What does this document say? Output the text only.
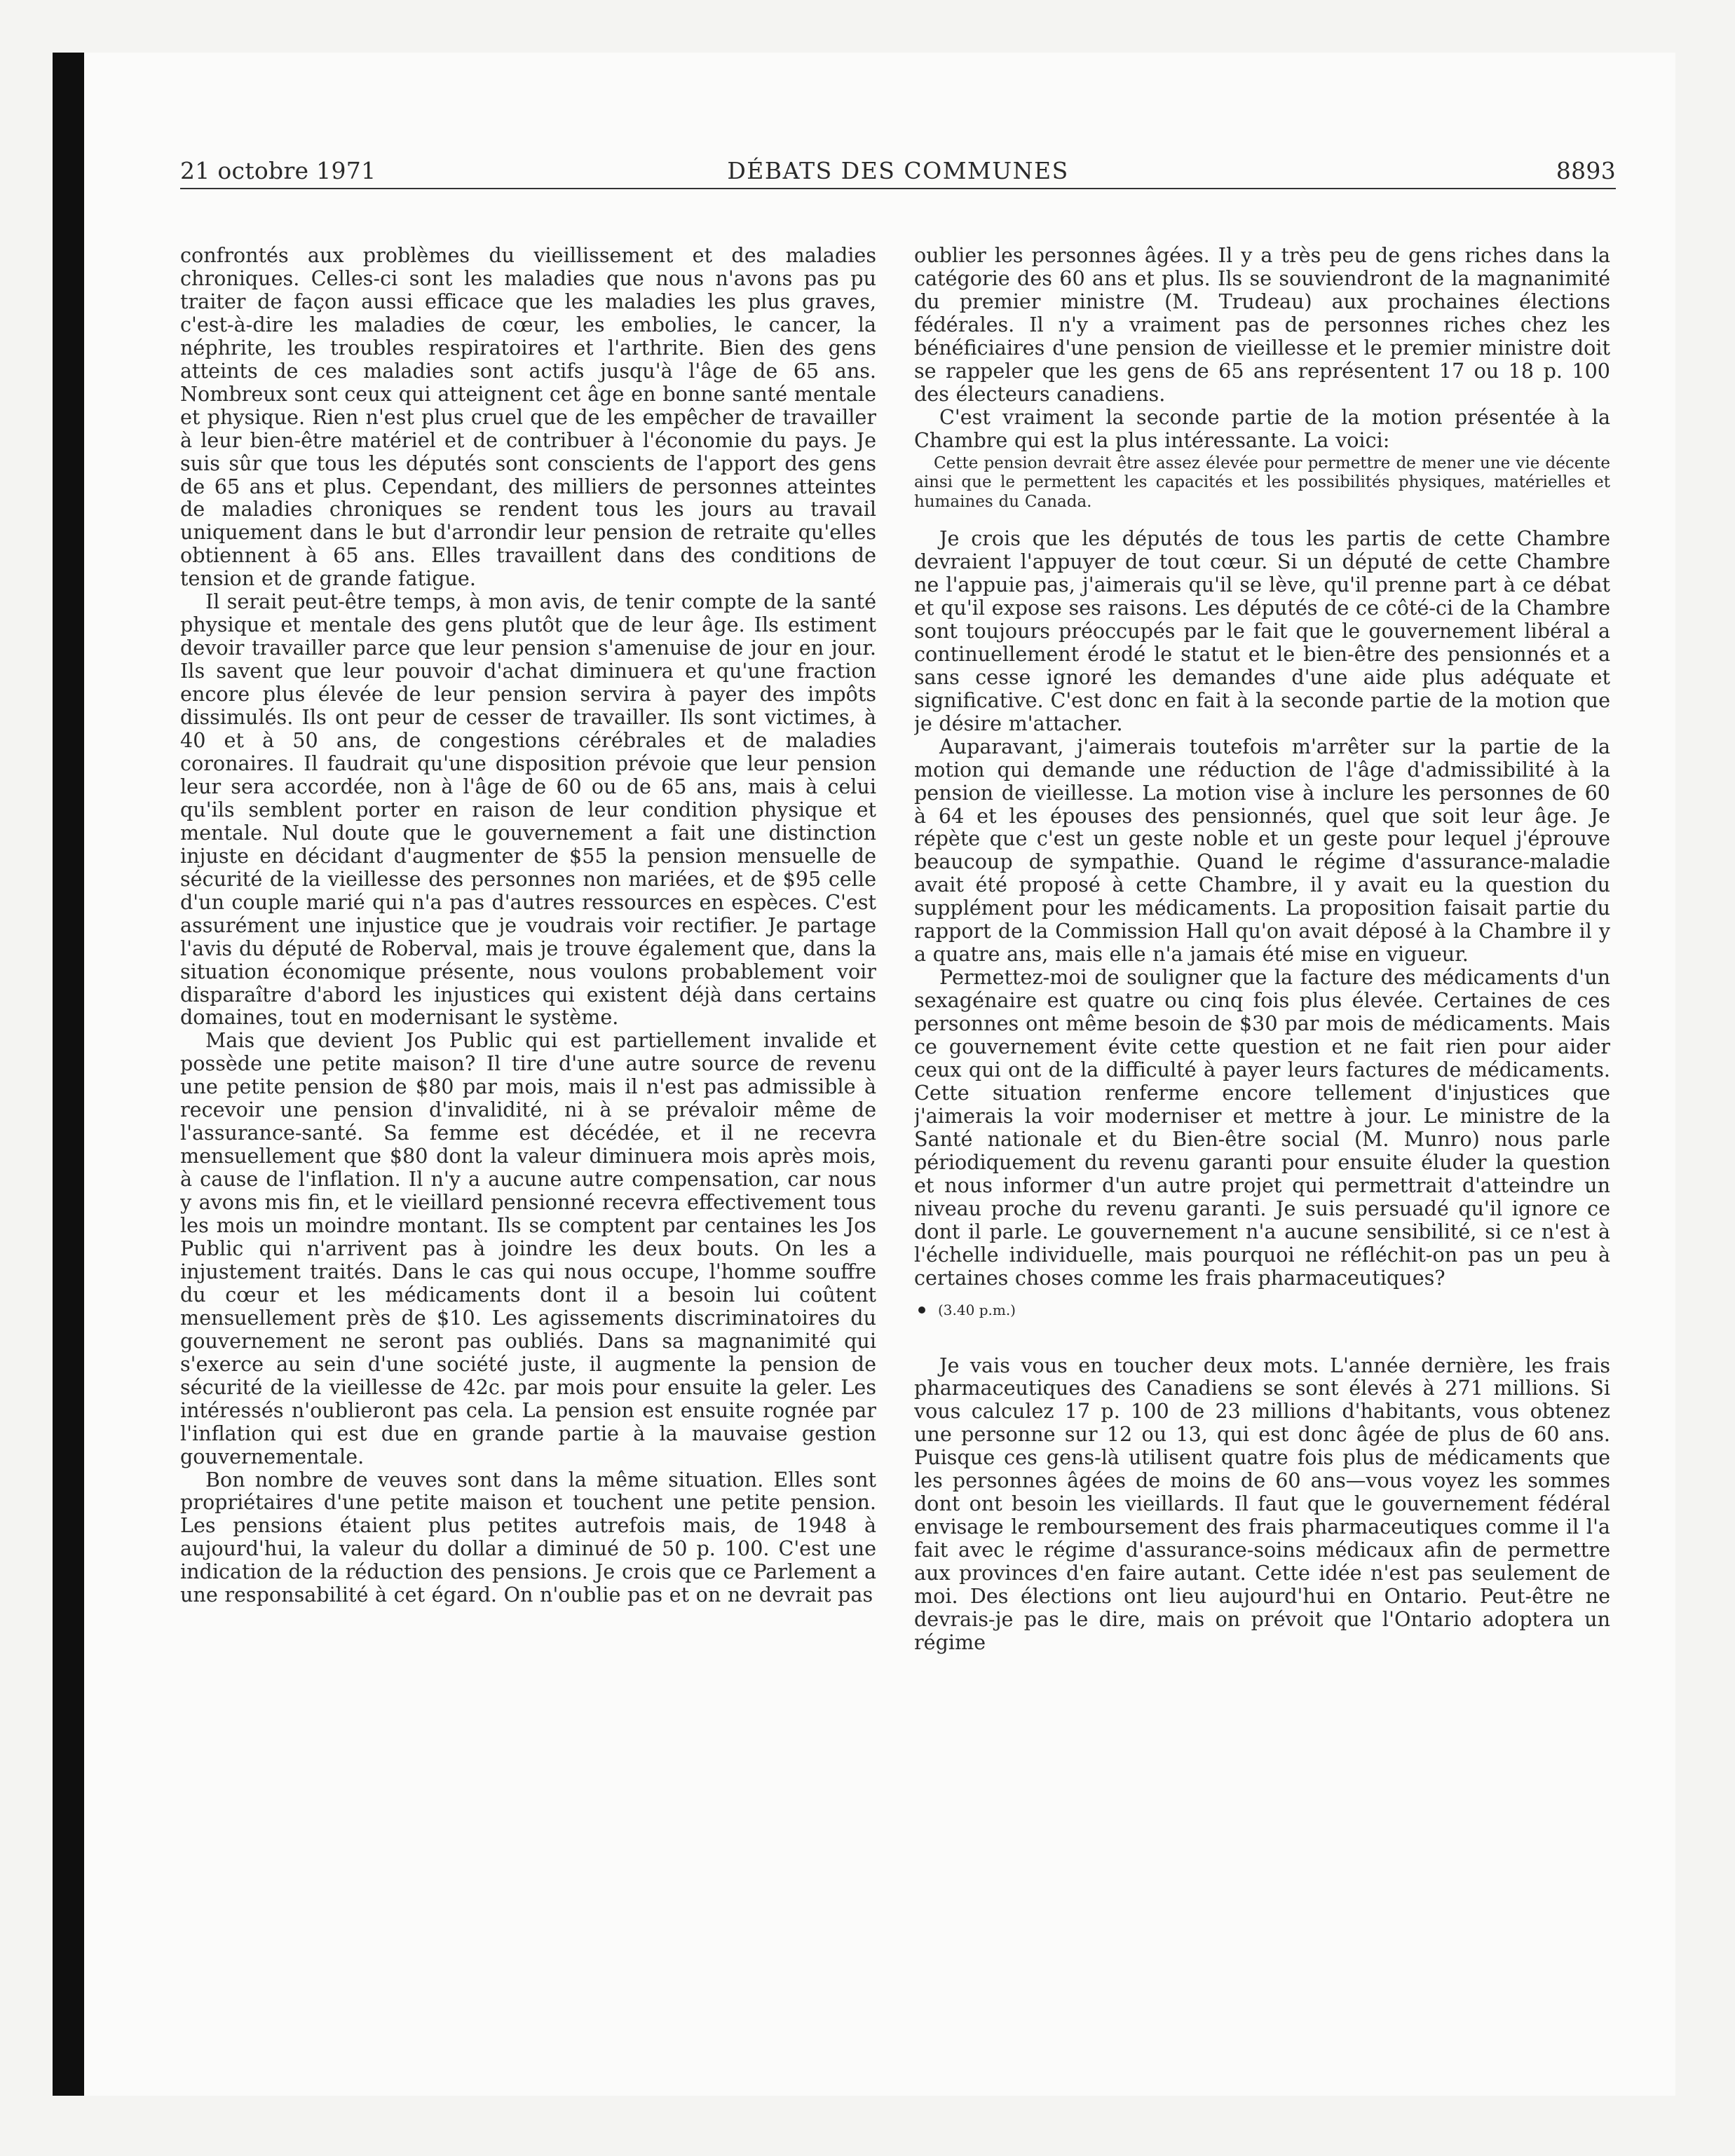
21 octobre 1971	DÉBATS DES COMMUNES	8893

confrontés aux problèmes du vieillissement et des maladies chroniques. Celles-ci sont les maladies que nous n'avons pas pu traiter de façon aussi efficace que les maladies les plus graves, c'est-à-dire les maladies de cœur, les embolies, le cancer, la néphrite, les troubles respiratoires et l'arthrite. Bien des gens atteints de ces maladies sont actifs jusqu'à l'âge de 65 ans. Nombreux sont ceux qui atteignent cet âge en bonne santé mentale et physique. Rien n'est plus cruel que de les empêcher de travailler à leur bien-être matériel et de contribuer à l'économie du pays. Je suis sûr que tous les députés sont conscients de l'apport des gens de 65 ans et plus. Cependant, des milliers de personnes atteintes de maladies chroniques se rendent tous les jours au travail uniquement dans le but d'arrondir leur pension de retraite qu'elles obtiennent à 65 ans. Elles travaillent dans des conditions de tension et de grande fatigue.

Il serait peut-être temps, à mon avis, de tenir compte de la santé physique et mentale des gens plutôt que de leur âge. Ils estiment devoir travailler parce que leur pension s'amenuise de jour en jour. Ils savent que leur pouvoir d'achat diminuera et qu'une fraction encore plus élevée de leur pension servira à payer des impôts dissimulés. Ils ont peur de cesser de travailler. Ils sont victimes, à 40 et à 50 ans, de congestions cérébrales et de maladies coronaires. Il faudrait qu'une disposition prévoie que leur pension leur sera accordée, non à l'âge de 60 ou de 65 ans, mais à celui qu'ils semblent porter en raison de leur condition physique et mentale. Nul doute que le gouvernement a fait une distinction injuste en décidant d'augmenter de $55 la pension mensuelle de sécurité de la vieillesse des personnes non mariées, et de $95 celle d'un couple marié qui n'a pas d'autres ressources en espèces. C'est assurément une injustice que je voudrais voir rectifier. Je partage l'avis du député de Roberval, mais je trouve également que, dans la situation économique présente, nous voulons probablement voir disparaître d'abord les injustices qui existent déjà dans certains domaines, tout en modernisant le système.

Mais que devient Jos Public qui est partiellement invalide et possède une petite maison? Il tire d'une autre source de revenu une petite pension de $80 par mois, mais il n'est pas admissible à recevoir une pension d'invalidité, ni à se prévaloir même de l'assurance-santé. Sa femme est décédée, et il ne recevra mensuellement que $80 dont la valeur diminuera mois après mois, à cause de l'inflation. Il n'y a aucune autre compensation, car nous y avons mis fin, et le vieillard pensionné recevra effectivement tous les mois un moindre montant. Ils se comptent par centaines les Jos Public qui n'arrivent pas à joindre les deux bouts. On les a injustement traités. Dans le cas qui nous occupe, l'homme souffre du cœur et les médicaments dont il a besoin lui coûtent mensuellement près de $10. Les agissements discriminatoires du gouvernement ne seront pas oubliés. Dans sa magnanimité qui s'exerce au sein d'une société juste, il augmente la pension de sécurité de la vieillesse de 42c. par mois pour ensuite la geler. Les intéressés n'oublieront pas cela. La pension est ensuite rognée par l'inflation qui est due en grande partie à la mauvaise gestion gouvernementale.

Bon nombre de veuves sont dans la même situation. Elles sont propriétaires d'une petite maison et touchent une petite pension. Les pensions étaient plus petites autrefois mais, de 1948 à aujourd'hui, la valeur du dollar a diminué de 50 p. 100. C'est une indication de la réduction des pensions. Je crois que ce Parlement a une responsabilité à cet égard. On n'oublie pas et on ne devrait pas

oublier les personnes âgées. Il y a très peu de gens riches dans la catégorie des 60 ans et plus. Ils se souviendront de la magnanimité du premier ministre (M. Trudeau) aux prochaines élections fédérales. Il n'y a vraiment pas de personnes riches chez les bénéficiaires d'une pension de vieillesse et le premier ministre doit se rappeler que les gens de 65 ans représentent 17 ou 18 p. 100 des électeurs canadiens.

C'est vraiment la seconde partie de la motion présentée à la Chambre qui est la plus intéressante. La voici:

Cette pension devrait être assez élevée pour permettre de mener une vie décente ainsi que le permettent les capacités et les possibilités physiques, matérielles et humaines du Canada.

Je crois que les députés de tous les partis de cette Chambre devraient l'appuyer de tout cœur. Si un député de cette Chambre ne l'appuie pas, j'aimerais qu'il se lève, qu'il prenne part à ce débat et qu'il expose ses raisons. Les députés de ce côté-ci de la Chambre sont toujours préoccupés par le fait que le gouvernement libéral a continuellement érodé le statut et le bien-être des pensionnés et a sans cesse ignoré les demandes d'une aide plus adéquate et significative. C'est donc en fait à la seconde partie de la motion que je désire m'attacher.

Auparavant, j'aimerais toutefois m'arrêter sur la partie de la motion qui demande une réduction de l'âge d'admissibilité à la pension de vieillesse. La motion vise à inclure les personnes de 60 à 64 et les épouses des pensionnés, quel que soit leur âge. Je répète que c'est un geste noble et un geste pour lequel j'éprouve beaucoup de sympathie. Quand le régime d'assurance-maladie avait été proposé à cette Chambre, il y avait eu la question du supplément pour les médicaments. La proposition faisait partie du rapport de la Commission Hall qu'on avait déposé à la Chambre il y a quatre ans, mais elle n'a jamais été mise en vigueur.

Permettez-moi de souligner que la facture des médicaments d'un sexagénaire est quatre ou cinq fois plus élevée. Certaines de ces personnes ont même besoin de $30 par mois de médicaments. Mais ce gouvernement évite cette question et ne fait rien pour aider ceux qui ont de la difficulté à payer leurs factures de médicaments. Cette situation renferme encore tellement d'injustices que j'aimerais la voir moderniser et mettre à jour. Le ministre de la Santé nationale et du Bien-être social (M. Munro) nous parle périodiquement du revenu garanti pour ensuite éluder la question et nous informer d'un autre projet qui permettrait d'atteindre un niveau proche du revenu garanti. Je suis persuadé qu'il ignore ce dont il parle. Le gouvernement n'a aucune sensibilité, si ce n'est à l'échelle individuelle, mais pourquoi ne réfléchit-on pas un peu à certaines choses comme les frais pharmaceutiques?

(3.40 p.m.)

Je vais vous en toucher deux mots. L'année dernière, les frais pharmaceutiques des Canadiens se sont élevés à 271 millions. Si vous calculez 17 p. 100 de 23 millions d'habitants, vous obtenez une personne sur 12 ou 13, qui est donc âgée de plus de 60 ans. Puisque ces gens-là utilisent quatre fois plus de médicaments que les personnes âgées de moins de 60 ans—vous voyez les sommes dont ont besoin les vieillards. Il faut que le gouvernement fédéral envisage le remboursement des frais pharmaceutiques comme il l'a fait avec le régime d'assurance-soins médicaux afin de permettre aux provinces d'en faire autant. Cette idée n'est pas seulement de moi. Des élections ont lieu aujourd'hui en Ontario. Peut-être ne devrais-je pas le dire, mais on prévoit que l'Ontario adoptera un régime
